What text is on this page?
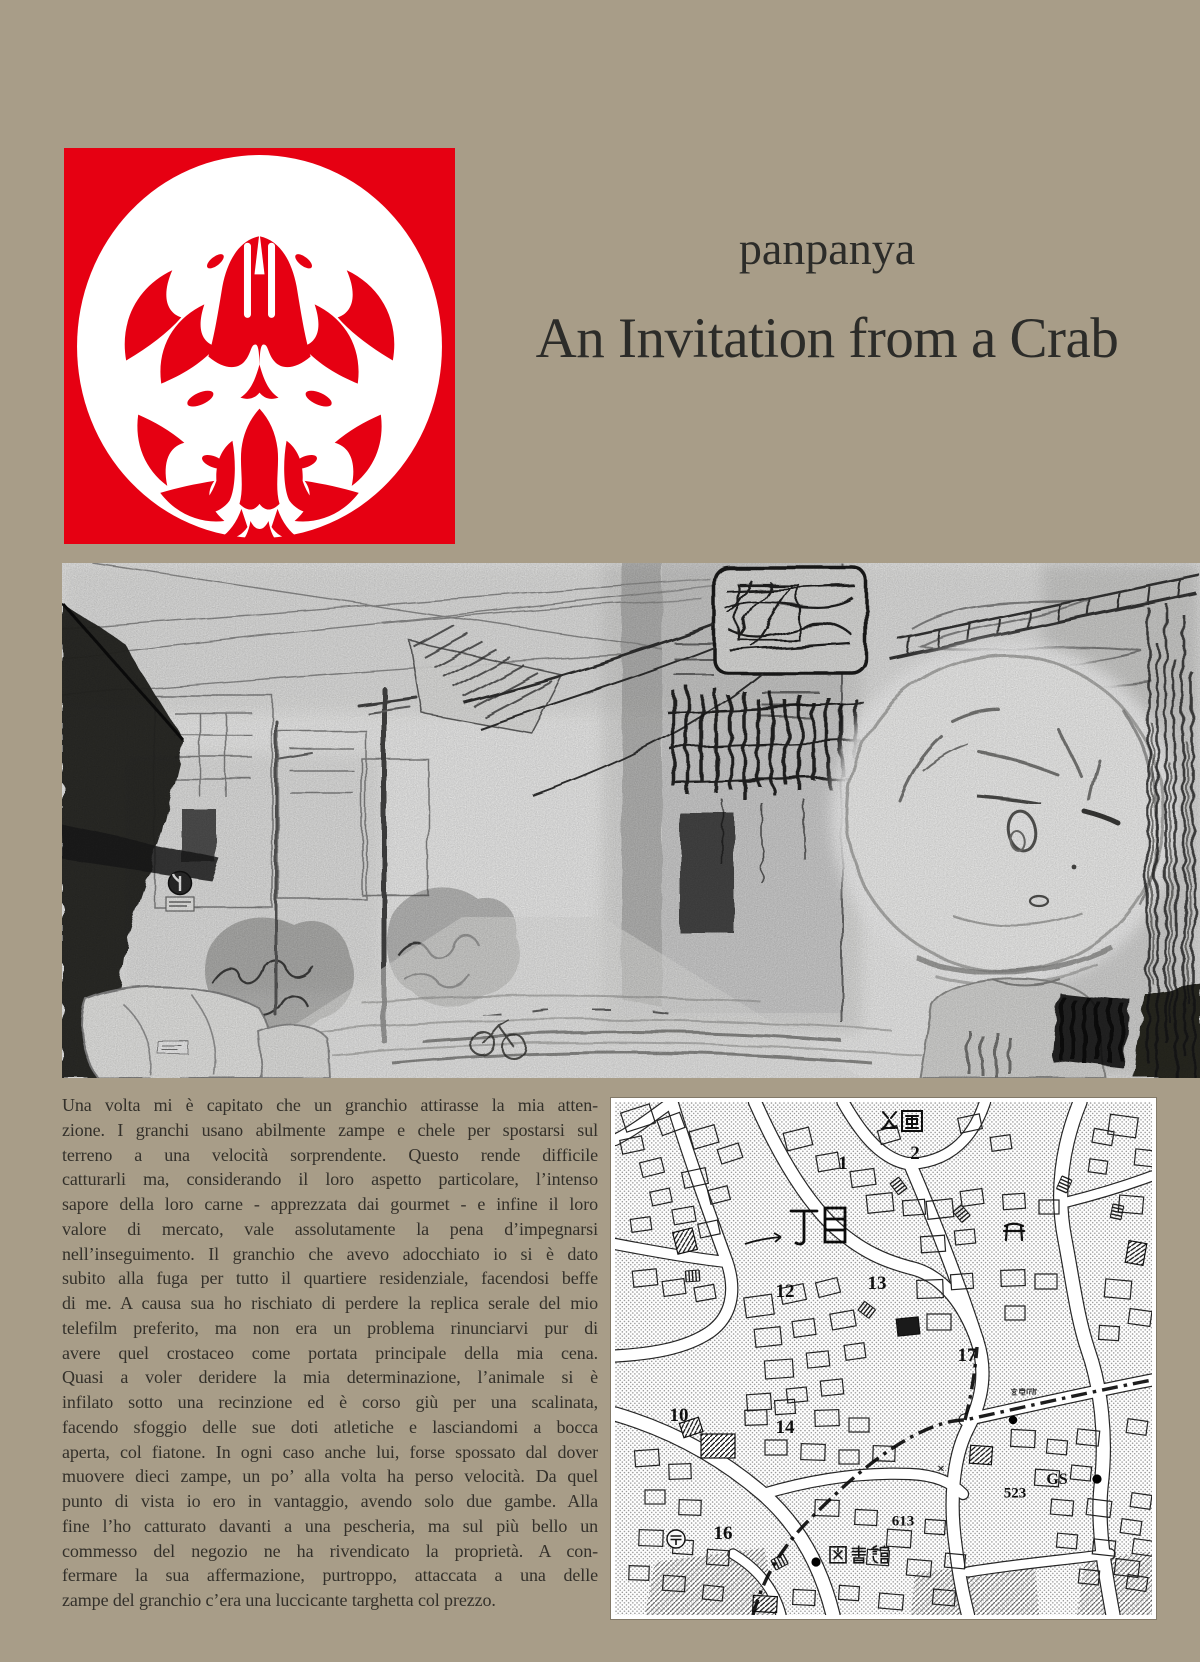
panpanya
An Invitation from a Crab
Una volta mi è capitato che un granchio attirasse la mia atten-
zione. I granchi usano abilmente zampe e chele per spostarsi sul
terreno a una velocità sorprendente. Questo rende difficile
catturarli ma, considerando il loro aspetto particolare, l’intenso
sapore della loro carne - apprezzata dai gourmet - e infine il loro
valore di mercato, vale assolutamente la pena d’impegnarsi
nell’inseguimento. Il granchio che avevo adocchiato io si è dato
subito alla fuga per tutto il quartiere residenziale, facendosi beffe
di me. A causa sua ho rischiato di perdere la replica serale del mio
telefilm preferito, ma non era un problema rinunciarvi pur di
avere quel crostaceo come portata principale della mia cena.
Quasi a voler deridere la mia determinazione, l’animale si è
infilato sotto una recinzione ed è corso giù per una scalinata,
facendo sfoggio delle sue doti atletiche e lasciandomi a bocca
aperta, col fiatone. In ogni caso anche lui, forse spossato dal dover
muovere dieci zampe, un po’ alla volta ha perso velocità. Da quel
punto di vista io ero in vantaggio, avendo solo due gambe. Alla
fine l’ho catturato davanti a una pescheria, ma sul più bello un
commesso del negozio ne ha rivendicato la proprietà. A con-
fermare la sua affermazione, purtroppo, attaccata a una delle
zampe del granchio c’era una luccicante targhetta col prezzo.
2
1
12	13
17
10
14
16
613
523
GS
×
